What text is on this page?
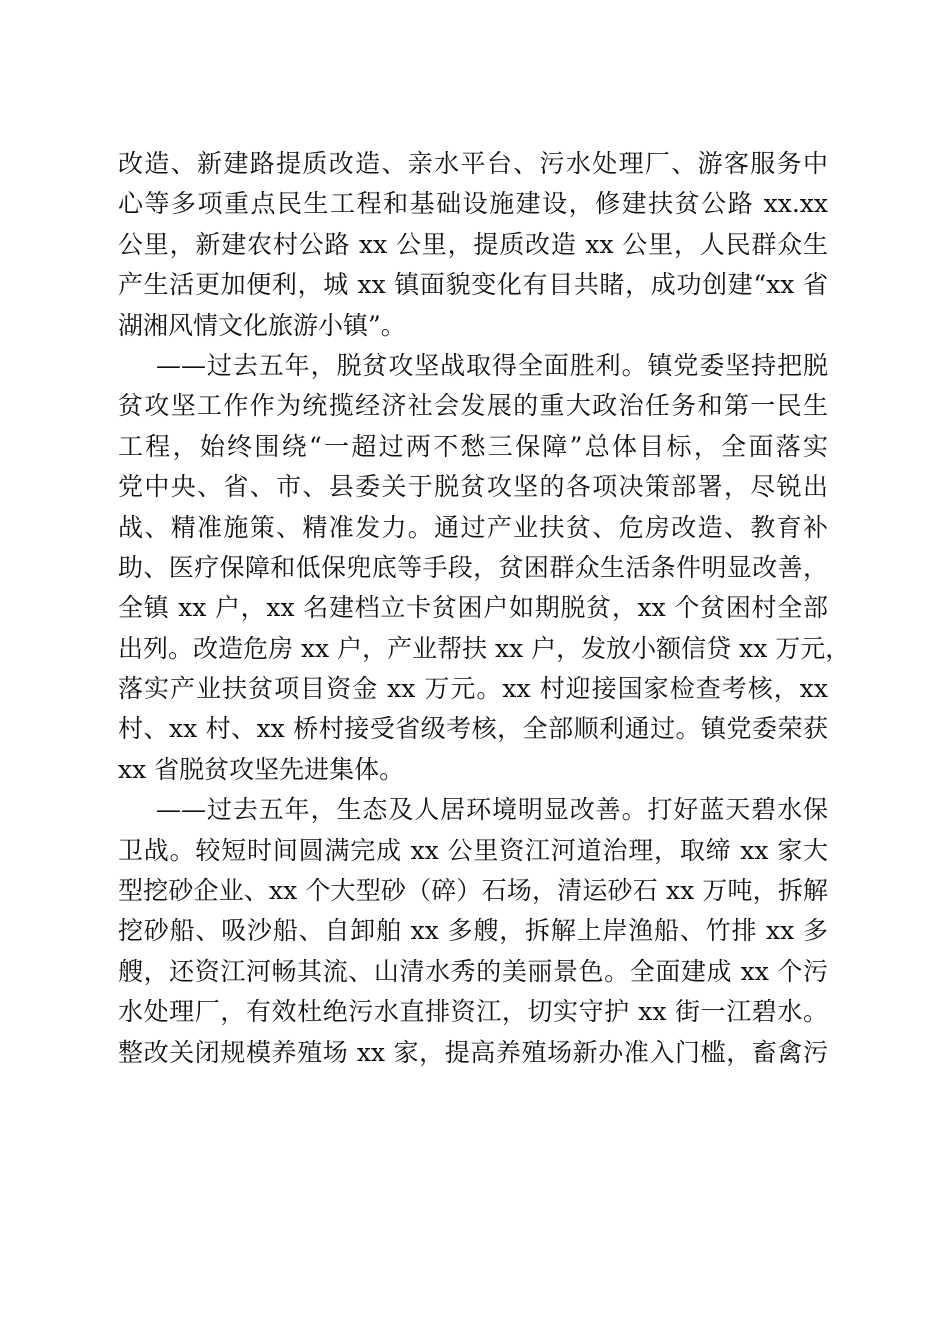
改造、新建路提质改造、亲水平台、污水处理厂、游客服务中
心等多项重点民生工程和基础设施建设，修建扶贫公路 xx.xx
公里，新建农村公路 xx 公里，提质改造 xx 公里，人民群众生
产生活更加便利，城 xx 镇面貌变化有目共睹，成功创建“xx 省
湖湘风情文化旅游小镇”。
——过去五年，脱贫攻坚战取得全面胜利。镇党委坚持把脱
贫攻坚工作作为统揽经济社会发展的重大政治任务和第一民生
工程，始终围绕“一超过两不愁三保障”总体目标，全面落实
党中央、省、市、县委关于脱贫攻坚的各项决策部署，尽锐出
战、精准施策、精准发力。通过产业扶贫、危房改造、教育补
助、医疗保障和低保兜底等手段，贫困群众生活条件明显改善，
全镇 xx 户，xx 名建档立卡贫困户如期脱贫，xx 个贫困村全部
出列。改造危房 xx 户，产业帮扶 xx 户，发放小额信贷 xx 万元，
落实产业扶贫项目资金 xx 万元。xx 村迎接国家检查考核，xx
村、xx 村、xx 桥村接受省级考核，全部顺利通过。镇党委荣获
xx 省脱贫攻坚先进集体。
——过去五年，生态及人居环境明显改善。打好蓝天碧水保
卫战。较短时间圆满完成 xx 公里资江河道治理，取缔 xx 家大
型挖砂企业、xx 个大型砂（碎）石场，清运砂石 xx 万吨，拆解
挖砂船、吸沙船、自卸舶 xx 多艘，拆解上岸渔船、竹排 xx 多
艘，还资江河畅其流、山清水秀的美丽景色。全面建成 xx 个污
水处理厂，有效杜绝污水直排资江，切实守护 xx 街一江碧水。
整改关闭规模养殖场 xx 家，提高养殖场新办准入门槛，畜禽污
